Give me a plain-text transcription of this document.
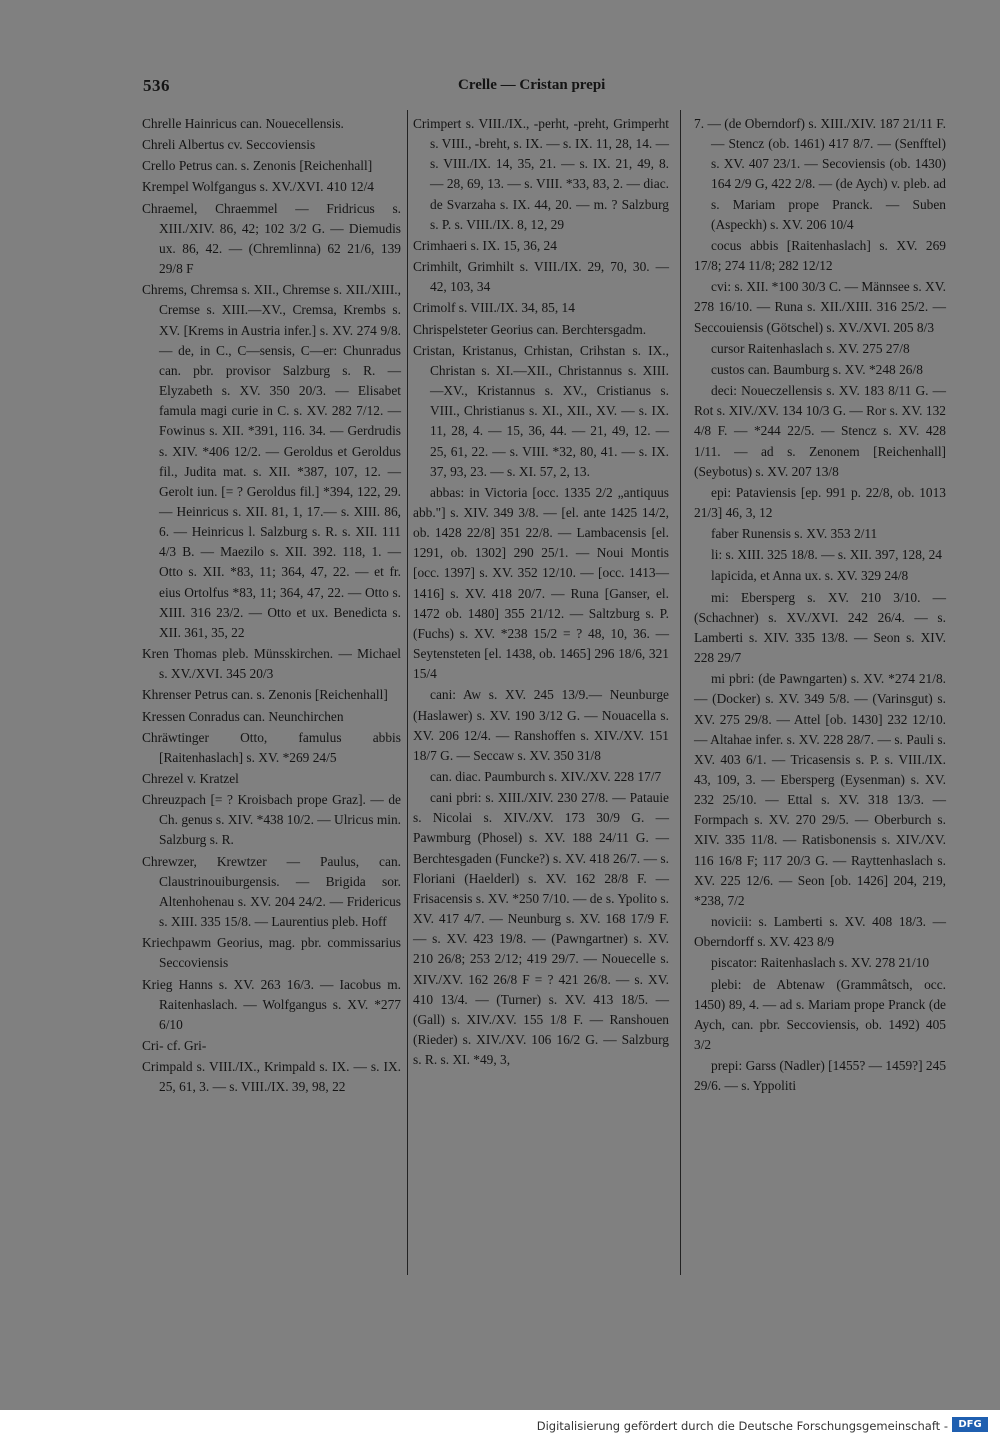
536	Crelle — Cristan prepi

Chrelle Hainricus can. Nouecellensis.

Chreli Albertus cv. Seccoviensis

Crello Petrus can. s. Zenonis [Reichenhall]

Krempel Wolfgangus s. XV./XVI. 410 12/4

Chraemel, Chraemmel — Fridricus s. XIII./XIV. 86, 42; 102 3/2 G. — Diemudis ux. 86, 42. — (Chremlinna) 62 21/6, 139 29/8 F

Chrems, Chremsa s. XII., Chremse s. XII./XIII., Cremse s. XIII.—XV., Cremsa, Krembs s. XV. [Krems in Austria infer.] s. XV. 274 9/8. — de, in C., C—sensis, C—er: Chunradus can. pbr. provisor Salzburg s. R. — Elyzabeth s. XV. 350 20/3. — Elisabet famula magi curie in C. s. XV. 282 7/12. — Fowinus s. XII. *391, 116. 34. — Gerdrudis s. XIV. *406 12/2. — Geroldus et Geroldus fil., Judita mat. s. XII. *387, 107, 12. — Gerolt iun. [= ? Geroldus fil.] *394, 122, 29. — Heinricus s. XII. 81, 1, 17.— s. XIII. 86, 6. — Heinricus l. Salzburg s. R. s. XII. 111 4/3 B. — Maezilo s. XII. 392. 118, 1. — Otto s. XII. *83, 11; 364, 47, 22. — et fr. eius Ortolfus *83, 11; 364, 47, 22. — Otto s. XIII. 316 23/2. — Otto et ux. Benedicta s. XII. 361, 35, 22

Kren Thomas pleb. Münsskirchen. — Michael s. XV./XVI. 345 20/3

Khrenser Petrus can. s. Zenonis [Reichenhall]

Kressen Conradus can. Neunchirchen

Chräwtinger Otto, famulus abbis [Raitenhaslach] s. XV. *269 24/5

Chrezel v. Kratzel

Chreuzpach [= ? Kroisbach prope Graz]. — de Ch. genus s. XIV. *438 10/2. — Ulricus min. Salzburg s. R.

Chrewzer, Krewtzer — Paulus, can. Claustrinouiburgensis. — Brigida sor. Altenhohenau s. XV. 204 24/2. — Fridericus s. XIII. 335 15/8. — Laurentius pleb. Hoff

Kriechpawm Georius, mag. pbr. commissarius Seccoviensis

Krieg Hanns s. XV. 263 16/3. — Iacobus m. Raitenhaslach. — Wolfgangus s. XV. *277 6/10

Cri- cf. Gri-

Crimpald s. VIII./IX., Krimpald s. IX. — s. IX. 25, 61, 3. — s. VIII./IX. 39, 98, 22

Crimpert s. VIII./IX., -perht, -preht, Grimperht s. VIII., -breht, s. IX. — s. IX. 11, 28, 14. — s. VIII./IX. 14, 35, 21. — s. IX. 21, 49, 8. — 28, 69, 13. — s. VIII. *33, 83, 2. — diac. de Svarzaha s. IX. 44, 20. — m. ? Salzburg s. P. s. VIII./IX. 8, 12, 29

Crimhaeri s. IX. 15, 36, 24

Crimhilt, Grimhilt s. VIII./IX. 29, 70, 30. — 42, 103, 34

Crimolf s. VIII./IX. 34, 85, 14

Chrispelsteter Georius can. Berchtersgadm.

Cristan, Kristanus, Crhistan, Crihstan s. IX., Christan s. XI.—XII., Christannus s. XIII.—XV., Kristannus s. XV., Cristianus s. VIII., Christianus s. XI., XII., XV. — s. IX. 11, 28, 4. — 15, 36, 44. — 21, 49, 12. — 25, 61, 22. — s. VIII. *32, 80, 41. — s. IX. 37, 93, 23. — s. XI. 57, 2, 13.

abbas: in Victoria [occ. 1335 2/2 „antiquus abb."] s. XIV. 349 3/8. — [el. ante 1425 14/2, ob. 1428 22/8] 351 22/8. — Lambacensis [el. 1291, ob. 1302] 290 25/1. — Noui Montis [occ. 1397] s. XV. 352 12/10. — [occ. 1413—1416] s. XV. 418 20/7. — Runa [Ganser, el. 1472 ob. 1480] 355 21/12. — Saltzburg s. P. (Fuchs) s. XV. *238 15/2 = ? 48, 10, 36. — Seytensteten [el. 1438, ob. 1465] 296 18/6, 321 15/4

cani: Aw s. XV. 245 13/9.— Neunburge (Haslawer) s. XV. 190 3/12 G. — Nouacella s. XV. 206 12/4. — Ranshoffen s. XIV./XV. 151 18/7 G. — Seccaw s. XV. 350 31/8

can. diac. Paumburch s. XIV./XV. 228 17/7

cani pbri: s. XIII./XIV. 230 27/8. — Patauie s. Nicolai s. XIV./XV. 173 30/9 G. — Pawmburg (Phosel) s. XV. 188 24/11 G. — Berchtesgaden (Funcke?) s. XV. 418 26/7. — s. Floriani (Haelderl) s. XV. 162 28/8 F. — Frisacensis s. XV. *250 7/10. — de s. Ypolito s. XV. 417 4/7. — Neunburg s. XV. 168 17/9 F. — s. XV. 423 19/8. — (Pawngartner) s. XV. 210 26/8; 253 2/12; 419 29/7. — Nouecelle s. XIV./XV. 162 26/8 F = ? 421 26/8. — s. XV. 410 13/4. — (Turner) s. XV. 413 18/5. — (Gall) s. XIV./XV. 155 1/8 F. — Ranshouen (Rieder) s. XIV./XV. 106 16/2 G. — Salzburg s. R. s. XI. *49, 3,

7. — (de Oberndorf) s. XIII./XIV. 187 21/11 F. — Stencz (ob. 1461) 417 8/7. — (Senfftel) s. XV. 407 23/1. — Secoviensis (ob. 1430) 164 2/9 G, 422 2/8. — (de Aych) v. pleb. ad s. Mariam prope Pranck. — Suben (Aspeckh) s. XV. 206 10/4

cocus abbis [Raitenhaslach] s. XV. 269 17/8; 274 11/8; 282 12/12

cvi: s. XII. *100 30/3 C. — Männsee s. XV. 278 16/10. — Runa s. XII./XIII. 316 25/2. — Seccouiensis (Götschel) s. XV./XVI. 205 8/3

cursor Raitenhaslach s. XV. 275 27/8

custos can. Baumburg s. XV. *248 26/8

deci: Noueczellensis s. XV. 183 8/11 G. — Rot s. XIV./XV. 134 10/3 G. — Ror s. XV. 132 4/8 F. — *244 22/5. — Stencz s. XV. 428 1/11. — ad s. Zenonem [Reichenhall] (Seybotus) s. XV. 207 13/8

epi: Pataviensis [ep. 991 p. 22/8, ob. 1013 21/3] 46, 3, 12

faber Runensis s. XV. 353 2/11

li: s. XIII. 325 18/8. — s. XII. 397, 128, 24

lapicida, et Anna ux. s. XV. 329 24/8

mi: Ebersperg s. XV. 210 3/10. — (Schachner) s. XV./XVI. 242 26/4. — s. Lamberti s. XIV. 335 13/8. — Seon s. XIV. 228 29/7

mi pbri: (de Pawngarten) s. XV. *274 21/8. — (Docker) s. XV. 349 5/8. — (Varinsgut) s. XV. 275 29/8. — Attel [ob. 1430] 232 12/10. — Altahae infer. s. XV. 228 28/7. — s. Pauli s. XV. 403 6/1. — Tricasensis s. P. s. VIII./IX. 43, 109, 3. — Ebersperg (Eysenman) s. XV. 232 25/10. — Ettal s. XV. 318 13/3. — Formpach s. XV. 270 29/5. — Oberburch s. XIV. 335 11/8. — Ratisbonensis s. XIV./XV. 116 16/8 F; 117 20/3 G. — Rayttenhaslach s. XV. 225 12/6. — Seon [ob. 1426] 204, 219, *238, 7/2

novicii: s. Lamberti s. XV. 408 18/3. — Oberndorff s. XV. 423 8/9

piscator: Raitenhaslach s. XV. 278 21/10

plebi: de Abtenaw (Grammâtsch, occ. 1450) 89, 4. — ad s. Mariam prope Pranck (de Aych, can. pbr. Seccoviensis, ob. 1492) 405 3/2

prepi: Garss (Nadler) [1455? — 1459?] 245 29/6. — s. Yppoliti

Digitalisierung gefördert durch die Deutsche Forschungsgemeinschaft -	DFG
